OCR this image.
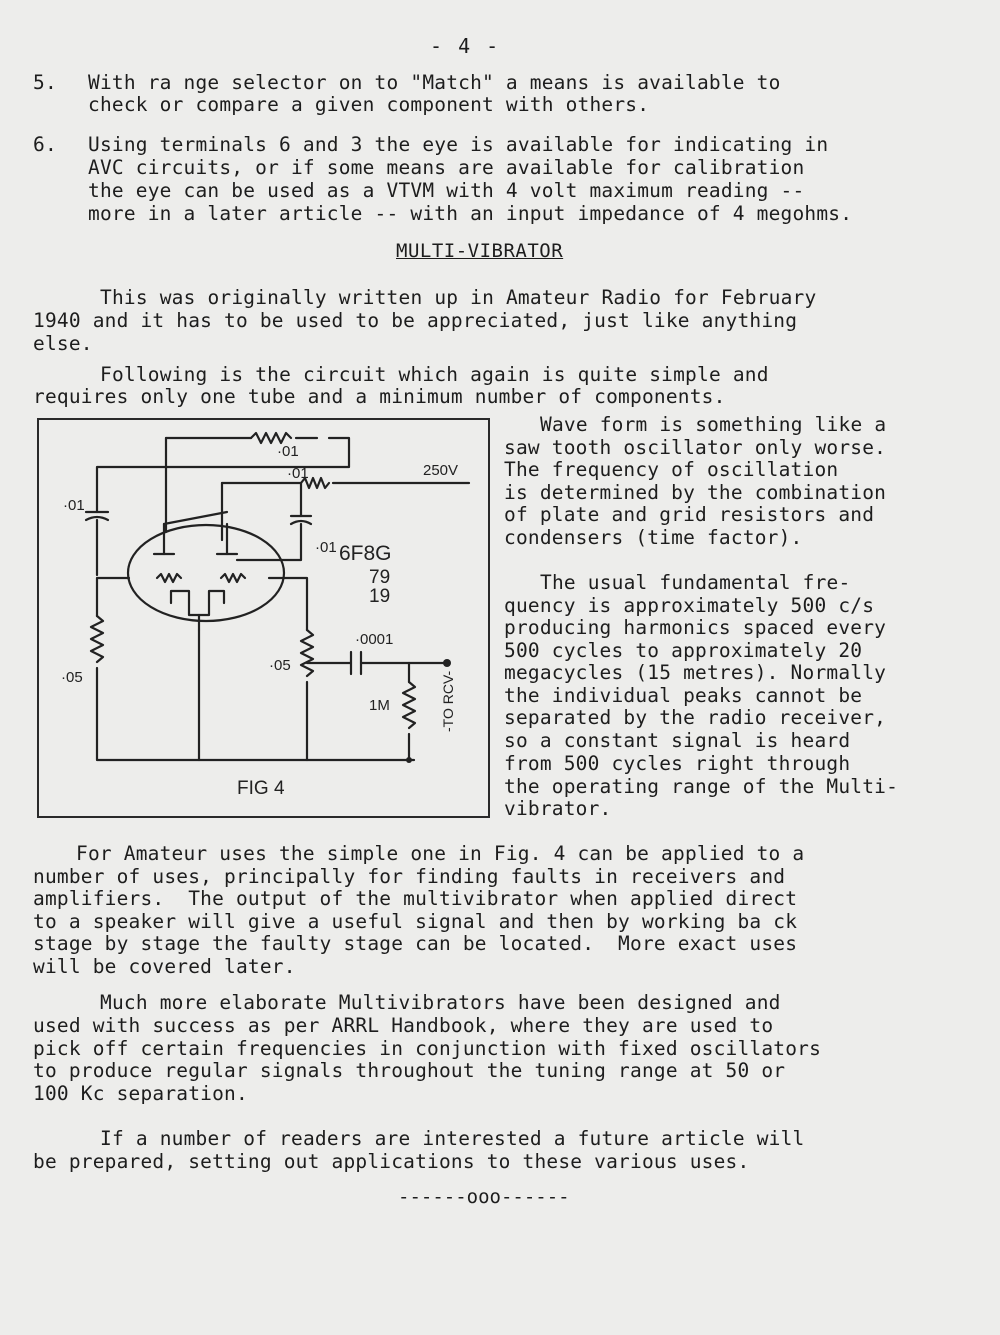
- 4 -
5. With ra nge selector on to "Match" a means is available to
check or compare a given component with others.
6. Using terminals 6 and 3 the eye is available for indicating in
AVC circuits, or if some means are available for calibration
the eye can be used as a VTVM with 4 volt maximum reading --
more in a later article -- with an input impedance of 4 megohms.
MULTI-VIBRATOR
This was originally written up in Amateur Radio for February
1940 and it has to be used to be appreciated, just like anything
else.
Following is the circuit which again is quite simple and
requires only one tube and a minimum number of components.
Wave form is something like a
saw tooth oscillator only worse.
The frequency of oscillation
is determined by the combination
of plate and grid resistors and
condensers (time factor).
The usual fundamental fre-
quency is approximately 500 c/s
producing harmonics spaced every
500 cycles to approximately 20
megacycles (15 metres). Normally
the individual peaks cannot be
separated by the radio receiver,
so a constant signal is heard
from 500 cycles right through
the operating range of the Multi-
vibrator.
·01
·01	250V
·01
·01
·05
·05
·0001
1M	-TO RCV-
6F8G
79
19
FIG 4
For Amateur uses the simple one in Fig. 4 can be applied to a
number of uses, principally for finding faults in receivers and
amplifiers.  The output of the multivibrator when applied direct
to a speaker will give a useful signal and then by working ba ck
stage by stage the faulty stage can be located.  More exact uses
will be covered later.
Much more elaborate Multivibrators have been designed and
used with success as per ARRL Handbook, where they are used to
pick off certain frequencies in conjunction with fixed oscillators
to produce regular signals throughout the tuning range at 50 or
100 Kc separation.
If a number of readers are interested a future article will
be prepared, setting out applications to these various uses.
------ooo------
